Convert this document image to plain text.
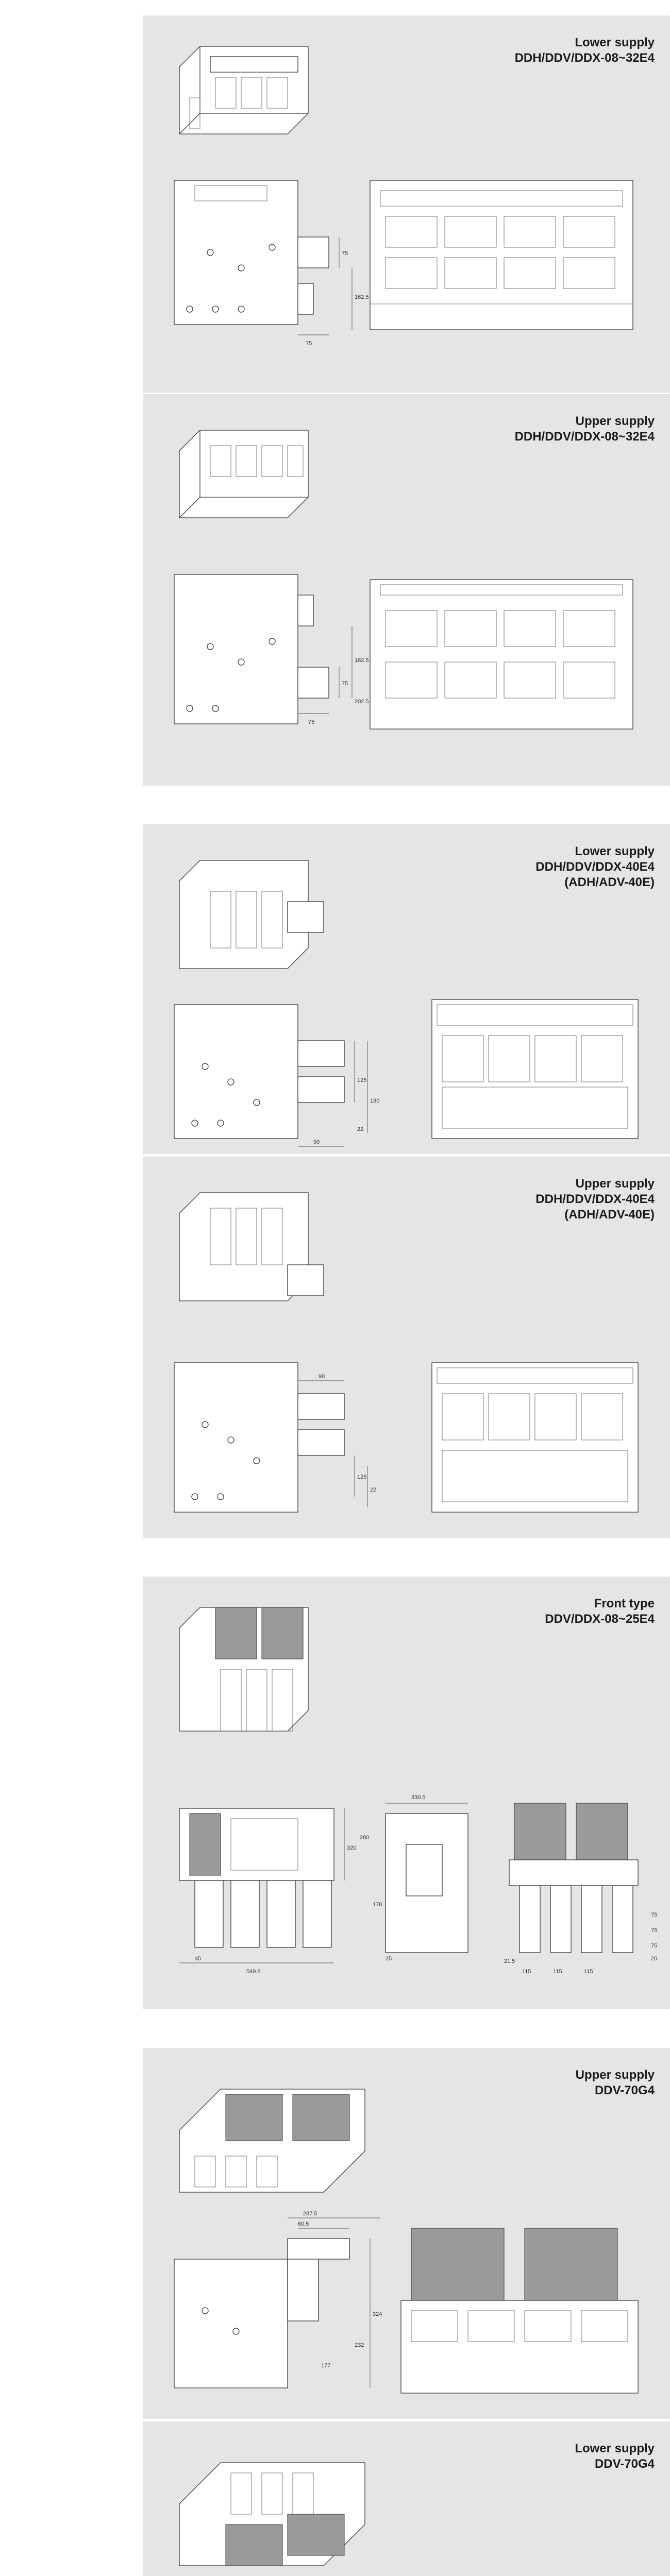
Lower supply
DDH/DDV/DDX-08~32E4
75
162.5
75
Upper supply
DDH/DDV/DDX-08~32E4
75
162.5
202.5
75
Lower supply
DDH/DDV/DDX-40E4
(ADH/ADV-40E)
125
180
22
90
Upper supply
DDH/DDV/DDX-40E4
(ADH/ADV-40E)
90
125
22
Front type
DDV/DDX-08~25E4
320
280
45
549.8
330.5
178
25	21.5
115	115	115
75
75
75
20
Upper supply
DDV-70G4
287.5
60.5
324
232
177
Lower supply
DDV-70G4
